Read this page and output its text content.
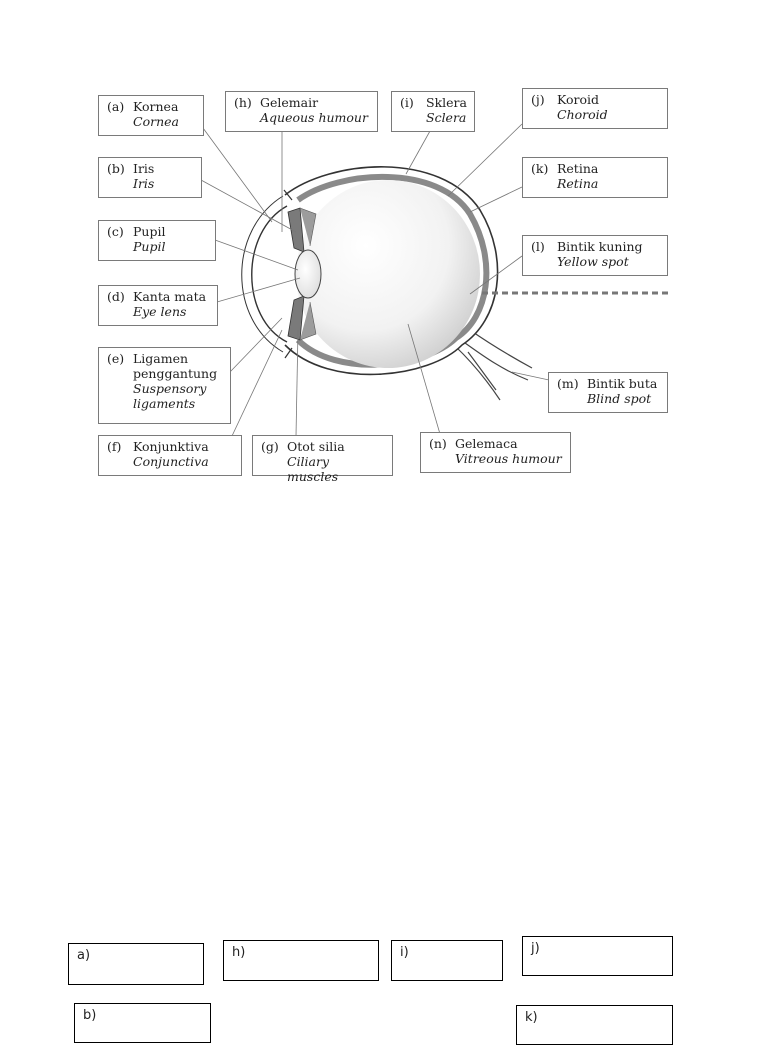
(a) Kornea
Cornea
(b) Iris
Iris
(c) Pupil
Pupil
(d) Kanta mata
Eye lens
(e) Ligamen penggantung
Suspensory ligaments
(f) Konjunktiva
Conjunctiva
(g) Otot silia
Ciliary muscles
(h) Gelemair
Aqueous humour
(i) Sklera
Sclera
(j) Koroid
Choroid
(k) Retina
Retina
(l) Bintik kuning
Yellow spot
(m) Bintik buta
Blind spot
(n) Gelemaca
Vitreous humour
a)	h)	i)	j)
b)	k)
